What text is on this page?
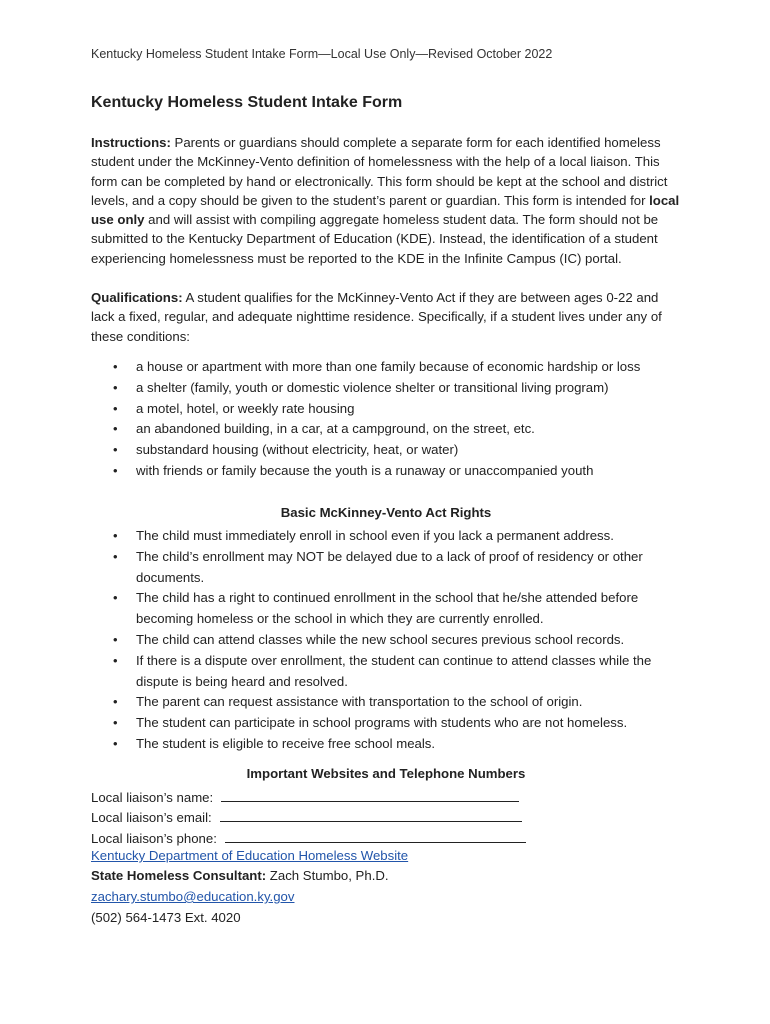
Kentucky Homeless Student Intake Form—Local Use Only—Revised October 2022
Kentucky Homeless Student Intake Form
Instructions: Parents or guardians should complete a separate form for each identified homeless student under the McKinney-Vento definition of homelessness with the help of a local liaison. This form can be completed by hand or electronically. This form should be kept at the school and district levels, and a copy should be given to the student’s parent or guardian. This form is intended for local use only and will assist with compiling aggregate homeless student data. The form should not be submitted to the Kentucky Department of Education (KDE). Instead, the identification of a student experiencing homelessness must be reported to the KDE in the Infinite Campus (IC) portal.
Qualifications: A student qualifies for the McKinney-Vento Act if they are between ages 0-22 and lack a fixed, regular, and adequate nighttime residence. Specifically, if a student lives under any of these conditions:
• a house or apartment with more than one family because of economic hardship or loss
• a shelter (family, youth or domestic violence shelter or transitional living program)
• a motel, hotel, or weekly rate housing
• an abandoned building, in a car, at a campground, on the street, etc.
• substandard housing (without electricity, heat, or water)
• with friends or family because the youth is a runaway or unaccompanied youth
Basic McKinney-Vento Act Rights
• The child must immediately enroll in school even if you lack a permanent address.
• The child’s enrollment may NOT be delayed due to a lack of proof of residency or other documents.
• The child has a right to continued enrollment in the school that he/she attended before becoming homeless or the school in which they are currently enrolled.
• The child can attend classes while the new school secures previous school records.
• If there is a dispute over enrollment, the student can continue to attend classes while the dispute is being heard and resolved.
• The parent can request assistance with transportation to the school of origin.
• The student can participate in school programs with students who are not homeless.
• The student is eligible to receive free school meals.
Important Websites and Telephone Numbers
Local liaison’s name:
Local liaison’s email:
Local liaison’s phone:
Kentucky Department of Education Homeless Website
State Homeless Consultant: Zach Stumbo, Ph.D.
zachary.stumbo@education.ky.gov
(502) 564-1473 Ext. 4020
